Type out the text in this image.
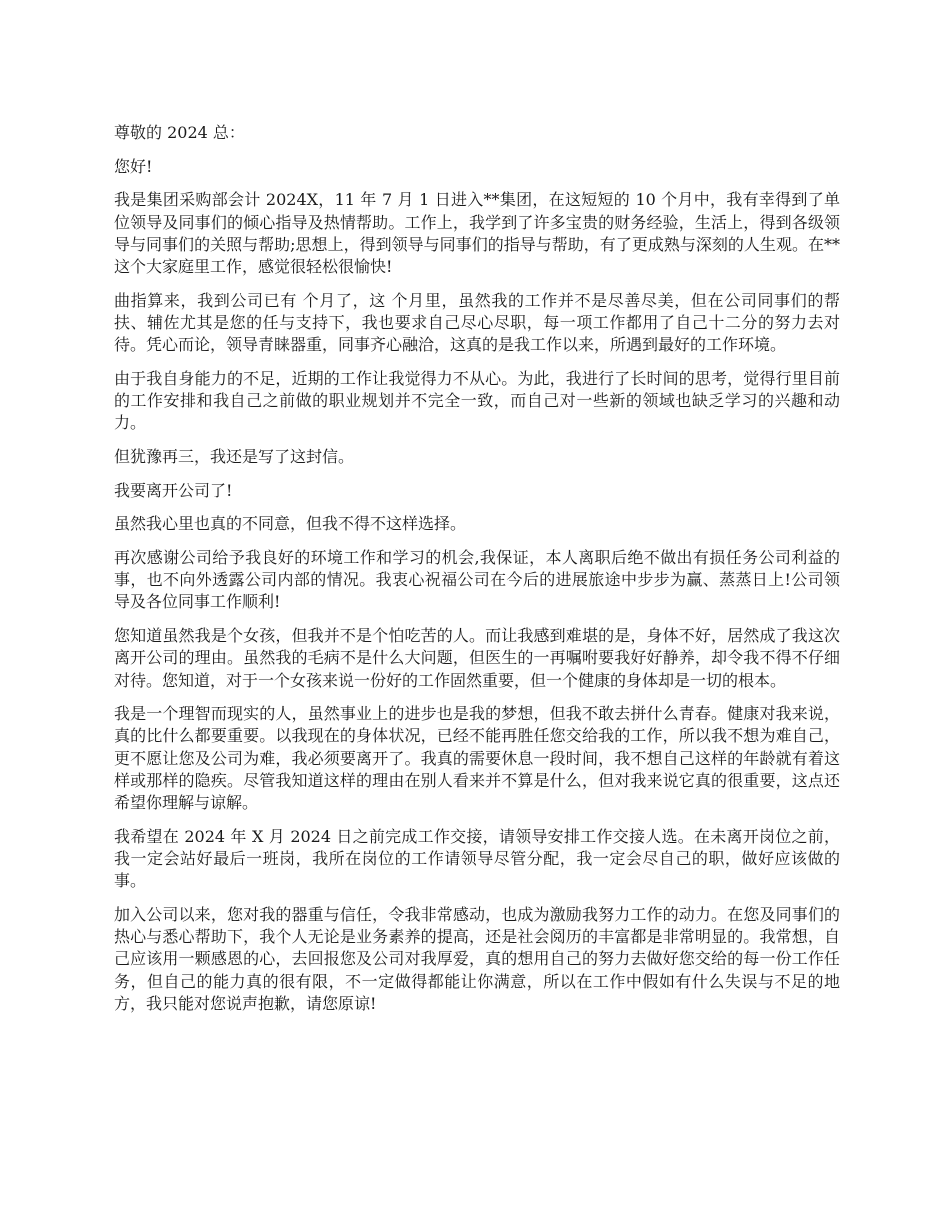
尊敬的 2024 总：

您好!

我是集团采购部会计 2024X，11 年 7 月 1 日进入**集团，在这短短的 10 个月中，我有幸得到了单位领导及同事们的倾心指导及热情帮助。工作上，我学到了许多宝贵的财务经验，生活上，得到各级领导与同事们的关照与帮助;思想上，得到领导与同事们的指导与帮助，有了更成熟与深刻的人生观。在**这个大家庭里工作，感觉很轻松很愉快!

曲指算来，我到公司已有 个月了，这 个月里，虽然我的工作并不是尽善尽美，但在公司同事们的帮扶、辅佐尤其是您的任与支持下，我也要求自己尽心尽职，每一项工作都用了自己十二分的努力去对待。凭心而论，领导青睐器重，同事齐心融洽，这真的是我工作以来，所遇到最好的工作环境。

由于我自身能力的不足，近期的工作让我觉得力不从心。为此，我进行了长时间的思考，觉得行里目前的工作安排和我自己之前做的职业规划并不完全一致，而自己对一些新的领域也缺乏学习的兴趣和动力。

但犹豫再三，我还是写了这封信。

我要离开公司了!

虽然我心里也真的不同意，但我不得不这样选择。

再次感谢公司给予我良好的环境工作和学习的机会,我保证，本人离职后绝不做出有损任务公司利益的事，也不向外透露公司内部的情况。我衷心祝福公司在今后的进展旅途中步步为赢、蒸蒸日上!公司领导及各位同事工作顺利!

您知道虽然我是个女孩，但我并不是个怕吃苦的人。而让我感到难堪的是，身体不好，居然成了我这次离开公司的理由。虽然我的毛病不是什么大问题，但医生的一再嘱咐要我好好静养，却令我不得不仔细对待。您知道，对于一个女孩来说一份好的工作固然重要，但一个健康的身体却是一切的根本。

我是一个理智而现实的人，虽然事业上的进步也是我的梦想，但我不敢去拼什么青春。健康对我来说，真的比什么都要重要。以我现在的身体状况，已经不能再胜任您交给我的工作，所以我不想为难自己，更不愿让您及公司为难，我必须要离开了。我真的需要休息一段时间，我不想自己这样的年龄就有着这样或那样的隐疾。尽管我知道这样的理由在别人看来并不算是什么，但对我来说它真的很重要，这点还希望你理解与谅解。

我希望在 2024 年 X 月 2024 日之前完成工作交接，请领导安排工作交接人选。在未离开岗位之前，我一定会站好最后一班岗，我所在岗位的工作请领导尽管分配，我一定会尽自己的职，做好应该做的事。

加入公司以来，您对我的器重与信任，令我非常感动，也成为激励我努力工作的动力。在您及同事们的热心与悉心帮助下，我个人无论是业务素养的提高，还是社会阅历的丰富都是非常明显的。我常想，自己应该用一颗感恩的心，去回报您及公司对我厚爱，真的想用自己的努力去做好您交给的每一份工作任务，但自己的能力真的很有限，不一定做得都能让你满意，所以在工作中假如有什么失误与不足的地方，我只能对您说声抱歉，请您原谅!
